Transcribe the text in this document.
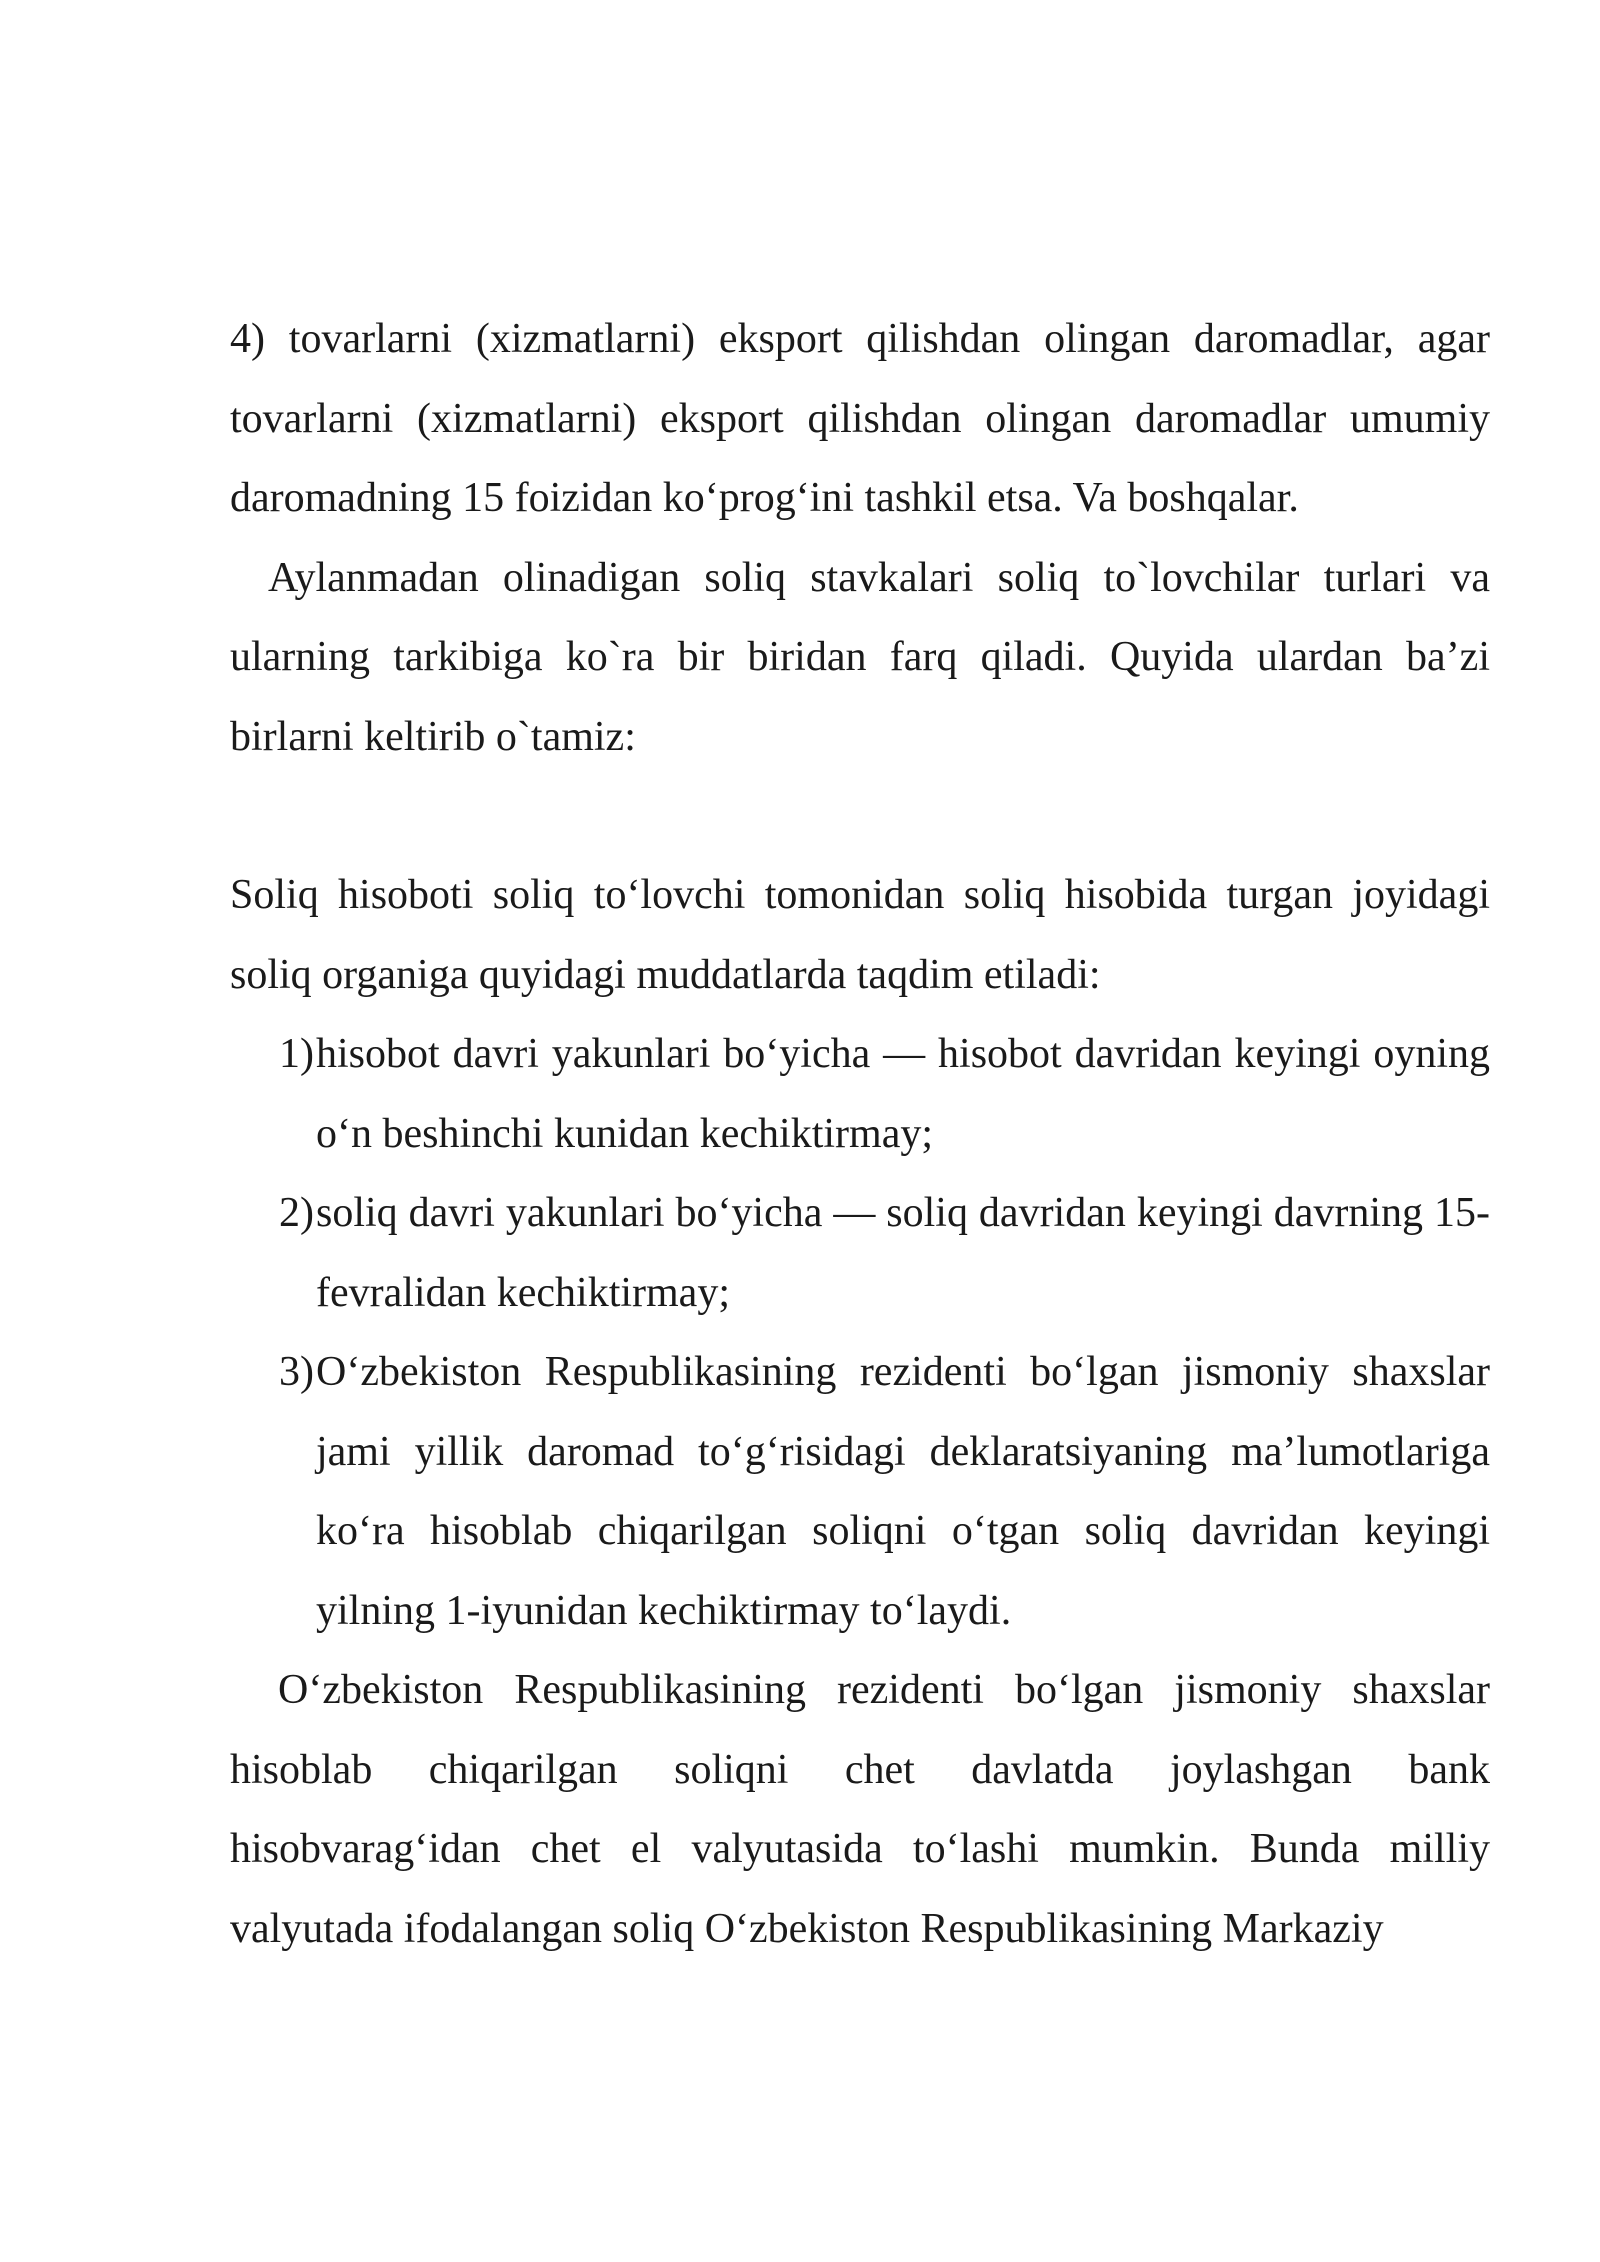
4) tovarlarni (xizmatlarni) eksport qilishdan olingan daromadlar, agar tovarlarni (xizmatlarni) eksport qilishdan olingan daromadlar umumiy daromadning 15 foizidan ko‘prog‘ini tashkil etsa. Va boshqalar.

Aylanmadan olinadigan soliq stavkalari soliq to`lovchilar turlari va ularning tarkibiga ko`ra bir biridan farq qiladi. Quyida ulardan ba’zi birlarni keltirib o`tamiz:

Soliq hisoboti soliq to‘lovchi tomonidan soliq hisobida turgan joyidagi soliq organiga quyidagi muddatlarda taqdim etiladi:

1) hisobot davri yakunlari bo‘yicha — hisobot davridan keyingi oyning o‘n beshinchi kunidan kechiktirmay;
2) soliq davri yakunlari bo‘yicha — soliq davridan keyingi davrning 15-fevralidan kechiktirmay;
3) O‘zbekiston Respublikasining rezidenti bo‘lgan jismoniy shaxslar jami yillik daromad to‘g‘risidagi deklaratsiyaning ma’lumotlariga ko‘ra hisoblab chiqarilgan soliqni o‘tgan soliq davridan keyingi yilning 1-iyunidan kechiktirmay to‘laydi.

O‘zbekiston Respublikasining rezidenti bo‘lgan jismoniy shaxslar hisoblab chiqarilgan soliqni chet davlatda joylashgan bank hisobvarag‘idan chet el valyutasida to‘lashi mumkin. Bunda milliy valyutada ifodalangan soliq O‘zbekiston Respublikasining Markaziy
